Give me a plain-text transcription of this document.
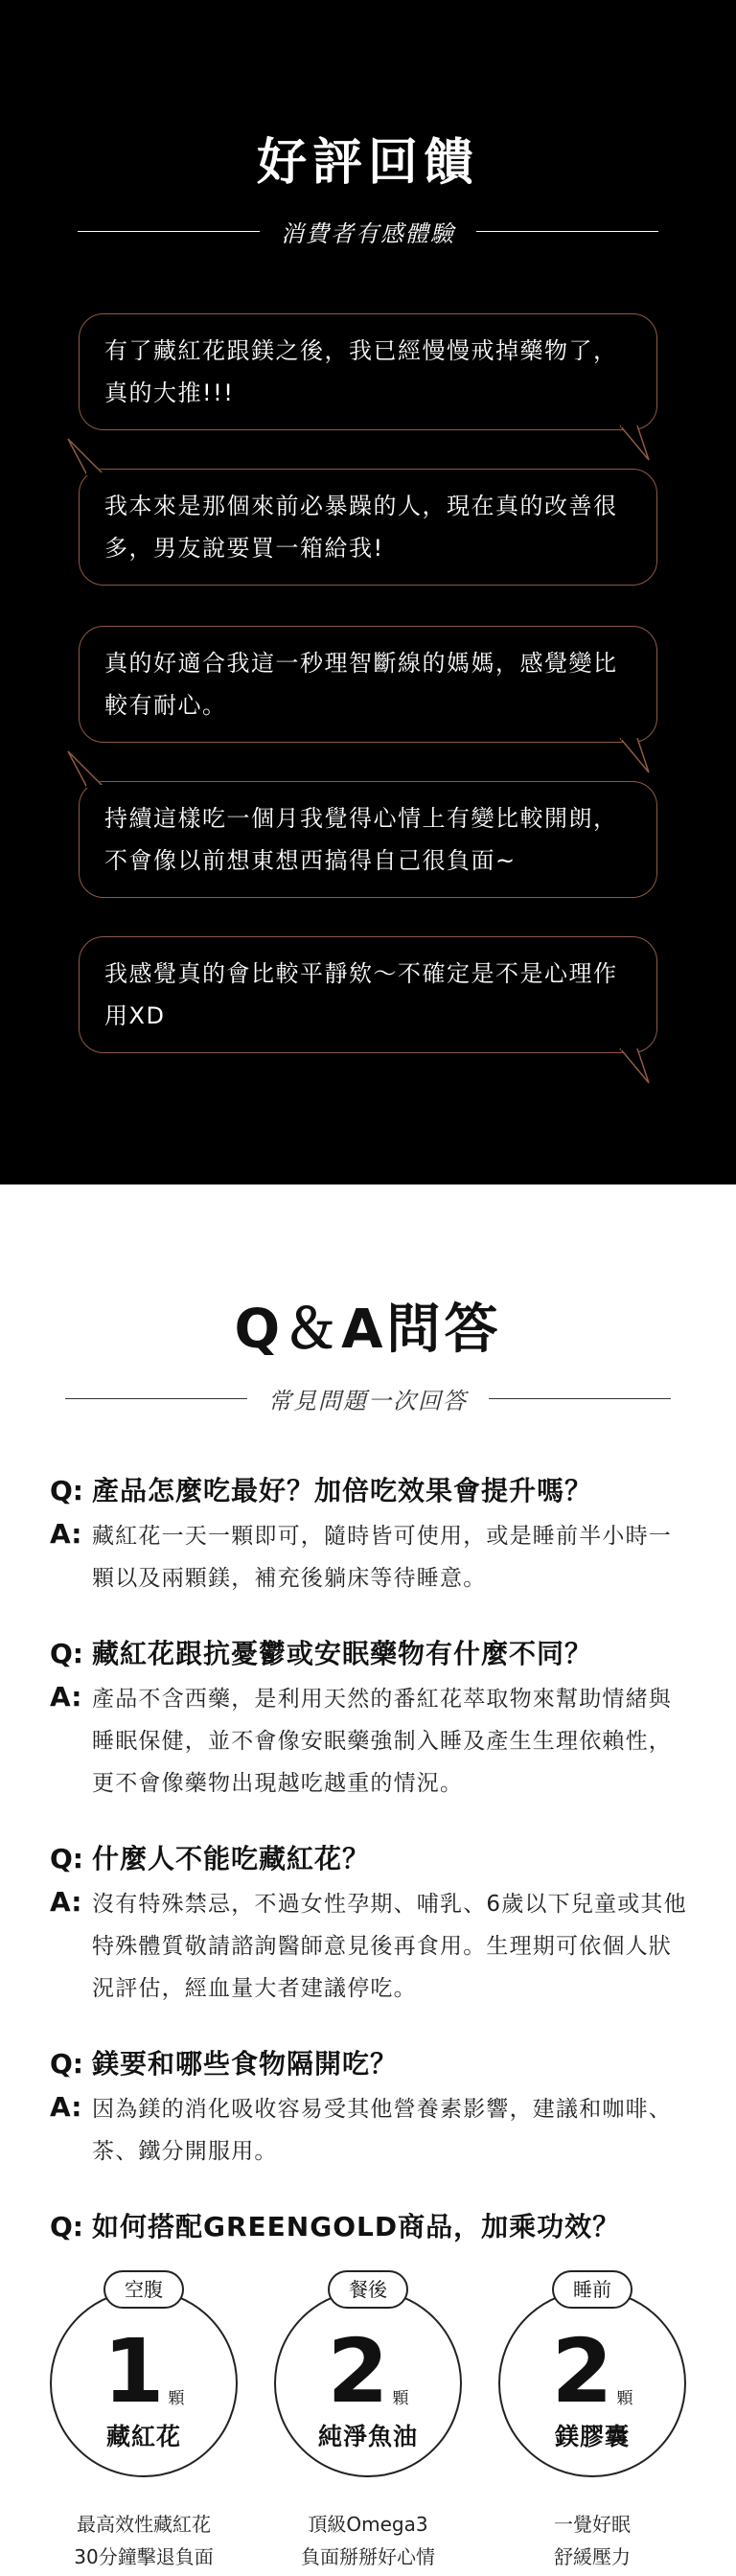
好評回饋
消費者有感體驗
有了藏紅花跟鎂之後，我已經慢慢戒掉藥物了，真的大推!!!
我本來是那個來前必暴躁的人，現在真的改善很多，男友說要買一箱給我!
真的好適合我這一秒理智斷線的媽媽，感覺變比較有耐心。
持續這樣吃一個月我覺得心情上有變比較開朗，不會像以前想東想西搞得自己很負面~
我感覺真的會比較平靜欸～不確定是不是心理作用XD
Q＆A問答
常見問題一次回答
Q: 產品怎麼吃最好？加倍吃效果會提升嗎？
A: 藏紅花一天一顆即可，隨時皆可使用，或是睡前半小時一顆以及兩顆鎂，補充後躺床等待睡意。
Q: 藏紅花跟抗憂鬱或安眠藥物有什麼不同？
A: 產品不含西藥，是利用天然的番紅花萃取物來幫助情緒與睡眠保健，並不會像安眠藥強制入睡及產生生理依賴性，更不會像藥物出現越吃越重的情況。
Q: 什麼人不能吃藏紅花？
A: 沒有特殊禁忌，不過女性孕期、哺乳、6歲以下兒童或其他特殊體質敬請諮詢醫師意見後再食用。生理期可依個人狀況評估，經血量大者建議停吃。
Q: 鎂要和哪些食物隔開吃？
A: 因為鎂的消化吸收容易受其他營養素影響，建議和咖啡、茶、鐵分開服用。
Q: 如何搭配GREENGOLD商品，加乘功效？
空腹
1 顆
藏紅花
最高效性藏紅花
30分鐘擊退負面
餐後
2 顆
純淨魚油
頂級Omega3
負面掰掰好心情
睡前
2 顆
鎂膠囊
一覺好眠
舒緩壓力
